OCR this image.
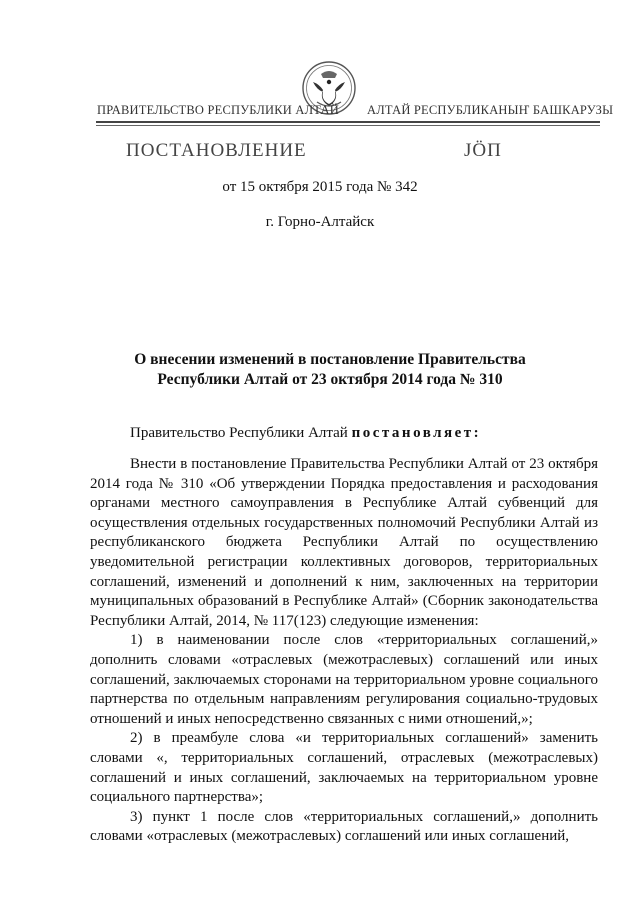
ПРАВИТЕЛЬСТВО РЕСПУБЛИКИ АЛТАЙ АЛТАЙ РЕСПУБЛИКАНЫҤ БАШКАРУЗЫ
ПОСТАНОВЛЕНИЕ	JӦП
от 15 октября 2015 года № 342
г. Горно-Алтайск
О внесении изменений в постановление Правительства
Республики Алтай от 23 октября 2014 года № 310
Правительство Республики Алтай постановляет:

Внести в постановление Правительства Республики Алтай от 23 октября 2014 года № 310 «Об утверждении Порядка предоставления и расходования органами местного самоуправления в Республике Алтай субвенций для осуществления отдельных государственных полномочий Республики Алтай из республиканского бюджета Республики Алтай по осуществлению уведомительной регистрации коллективных договоров, территориальных соглашений, изменений и дополнений к ним, заключенных на территории муниципальных образований в Республике Алтай» (Сборник законодательства Республики Алтай, 2014, № 117(123) следующие изменения:

1) в наименовании после слов «территориальных соглашений,» дополнить словами «отраслевых (межотраслевых) соглашений или иных соглашений, заключаемых сторонами на территориальном уровне социального партнерства по отдельным направлениям регулирования социально-трудовых отношений и иных непосредственно связанных с ними отношений,»;

2) в преамбуле слова «и территориальных соглашений» заменить словами «, территориальных соглашений, отраслевых (межотраслевых) соглашений и иных соглашений, заключаемых на территориальном уровне социального партнерства»;

3) пункт 1 после слов «территориальных соглашений,» дополнить словами «отраслевых (межотраслевых) соглашений или иных соглашений,
